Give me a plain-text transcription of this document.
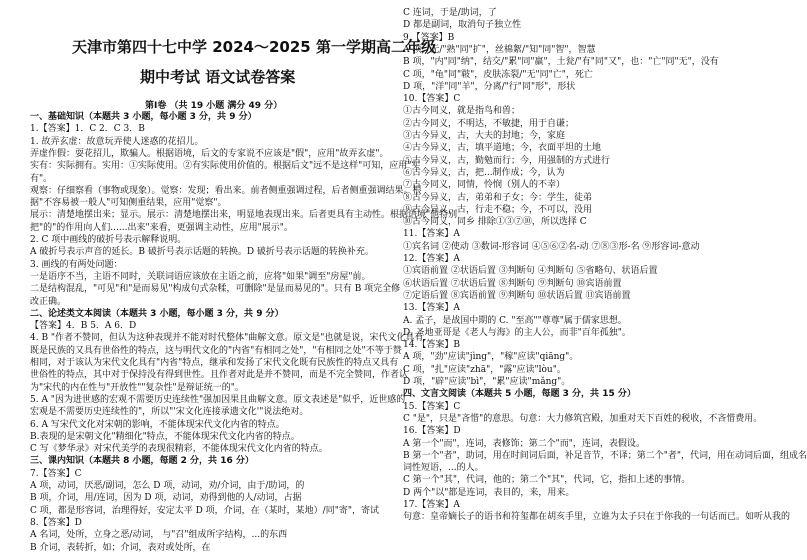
天津市第四十七中学 2024～2025 第一学期高二年级
期中考试 语文试卷答案
第Ⅰ卷 （共 19 小题 满分 49 分）
一、基础知识（本题共 3 小题，每小题 3 分，共 9 分）
1.【答案】1．C 2．C 3．B
1. 故弄玄虚：故意玩弄使人迷惑的花招儿。
弄虚作假：耍花招儿，欺骗人。根据语境，后文的专家说不应该是"假"，应用"故弄玄虚"。
实有：实际拥有。实用：①实际使用。②有实际使用价值的。根据后文"远不是这样"可知，应用"实
有"。
观察：仔细察看（事物或现象）。觉察：发现；看出来。前者侧重强调过程，后者侧重强调结果。根
据"不容易被一般人"可知侧重结果，应用"觉察"。
展示：清楚地摆出来；显示。展示：清楚地摆出来，明显地表现出来。后者更具有主动性。根据语境"他特别
把"的"的作用向人们......出来"来看，更强调主动性，应用"展示"。
2. C 项中画线的破折号表示解释说明。
A 破折号表示声音的延长。B 破折号表示话题的转换。D 破折号表示话题的转换补充。
3. 画线的有两处问题：
一是语序不当，主语不同时，关联词语应该放在主语之前，应将"如果"调至"房屋"前。
二是结构混乱，"可见"和"是而易见"构成句式杂糅，可删除"是显而易见的"。只有 B 项完全修
改正确。
二、论述类文本阅读（本题共 3 小题，每小题 3 分，共 9 分）
【答案】4．B 5．A 6．D
4. B "作者不赞同，但认为这种表现并不能对时代整体"曲解文意。原文是"也就是说，宋代文化具有
既是民族的又具有世俗性的特点，这与明代文化的"内省"有相同之处"，"有相同之处"不等于赞
相同，对于该认为宋代文化具有"内省"特点，继承和发扬了宋代文化既有民族性的特点又具有
世俗性的特点，其中对于保持没有得到世性。且作者对此是并不赞同，而是不完全赞同，作者认
为"宋代的内在性与"开放性""复杂性"是辩证统一的"。
5. A "因为进世感的宏观不需要历史连续性"强加因果且曲解文意。原文表述是"似乎，近世感的
宏观是不需要历史连续性的"，所以"'宋文化连接承遗文化'"说法绝对。
6. A 写宋代文化对宋朝的影响，不能体现宋代文化内省的特点。
B.表现的是宋朝文化"精细化"特点，不能体现宋代文化内省的特点。
C 写《梦华录》对宋代美学的表现很精彩，不能体现宋代文化内省的特点。
三、课内知识（本题共 8 小题，每题 2 分，共 16 分）
7.【答案】C
A 项，动词，厌恶/副词，怎么 D 项，动词，劝/介词，由于/助词，的
B 项，介词，用/连词，因为 D 项，动词，劝得到他的人/动词，占据
C 项，都是形容词，治理得好，安定太平 D 项，介词，在（某时，某地）/同"寄"，寄试
8.【答案】D
A 名词，处所，立身之恶/动词， 与"召"组成所字结构，...的东西
B 介词，表转折，如；介词，表对或处所，在
C 连词，于是/助词，了
D 都是副词，取消句子独立性
9.【答案】B
A 项，无/"熟"同"扩"，丝棉絮/"知"同"智"，智慧
B 项，"内"同"纳"，结交/"累"同"羸"，土瓮/"有"同"又"，也："亡"同"无"，没有
C 项，"龟"同"皲"，皮肤冻裂/"无"同"亡"，死亡
D 项，"洋"同"羊"，分离/"行"同"形"，形状
10.【答案】C
①古今同义，就是指鸟和兽；
②古今同义，不明达，不敏捷，用于自谦；
③古今异义，古，大夫的封地；今，家庭
④古今异义，古，填平道地；今，衣面平坦的土地
⑤古今异义，古，勤勉而行；今，用强制的方式进行
⑥古今异义，古，把...制作成；今，认为
⑦古今同义，同情，怜悯（别人的不幸）
⑧古今异义，古，弟弟和子女；今：学生，徒弟
⑨古今异义，古，行走不稳；今，不可以，没用
⑩古今同义，同乡 排除①③⑦⑩，所以选择 C
11.【答案】A
①宾名词 ②使动 ③数词-形容词 ④⑤⑥②名-动 ⑦⑧③形-名 ⑨形容词-意动
12.【答案】A
①宾语前置 ②状语后置 ③判断句 ④判断句 ⑤省略句、状语后置
⑥状语后置 ⑦状语后置 ⑧判断句 ⑨判断句 ⑩宾语前置
⑦定语后置 ⑧宾语前置 ⑨判断句 ⑩状语后置 ⑪宾语前置
13.【答案】A
A. 孟子，是战国中期的 C. "至高""尊尊"属于儒家思想。
D. 圣地亚哥是《老人与海》的主人公，而非"百年孤独"。
14.【答案】B
A 项，"劲"应读"jìng"，"稼"应读"qiāng"。
C 项，"扎"应读"zhā"，"露"应读"lòu"。
D 项，"辟"应读"bì"，"累"应读"mǎng"。
四、文言文阅读（本题共 5 小题，每题 3 分，共 15 分）
15.【答案】C
C "是"，只是"吝惜"的意思。句意：大力修筑宫殿，加重对天下百姓的税收，不吝惜费用。
16.【答案】D
A 第一个"而"，连词，表修饰；第二个"而"，连词，表假设。
B 第一个"者"，助词，用在时间词后面，补足音节，不译；第二个"者"，代词，用在动词后面，组成名
词性短语，...的人。
C 第一个"其"，代词，他的；第二个"其"，代词，它，指扣上述的事情。
D 两个"以"都是连词，表目的，来，用来。
17.【答案】A
句意：皇帝嫡长子的语书和符玺都在胡亥手里，立谁为太子只在于你我的一句话而已。如听从我的
